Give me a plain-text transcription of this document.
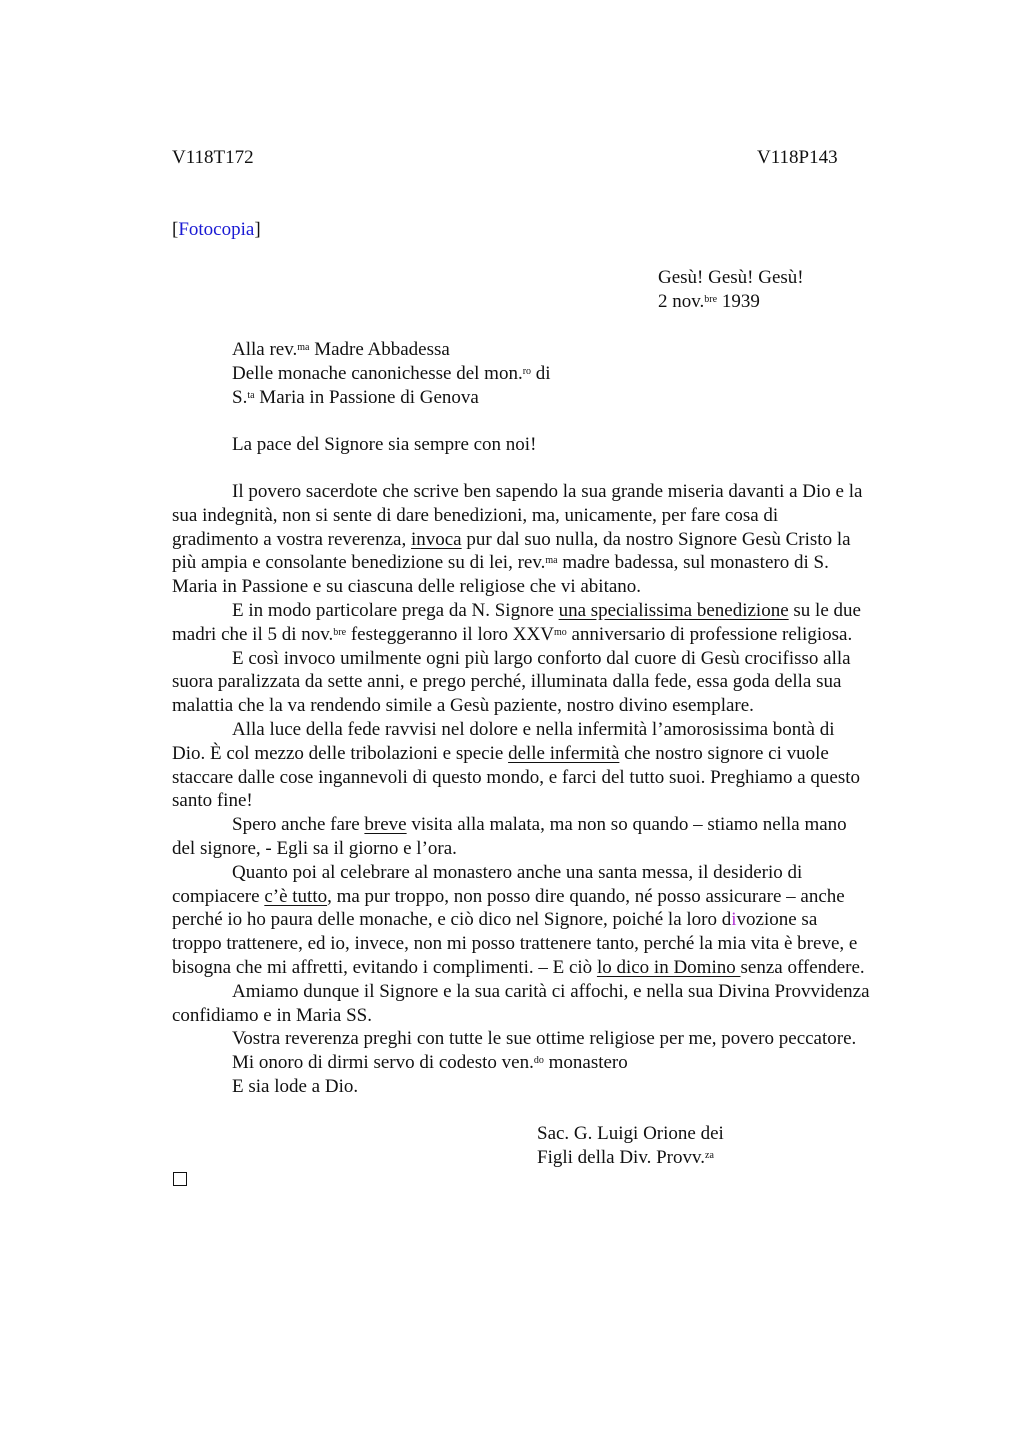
V118T172	V118P143
[Fotocopia]
Gesù! Gesù! Gesù!
2 nov.$^{bre}$ 1939
Alla rev.$^{ma}$ Madre Abbadessa
Delle monache canonichesse del mon.$^{ro}$ di
S.$^{ta}$ Maria in Passione di Genova
La pace del Signore sia sempre con noi!
Il povero sacerdote che scrive ben sapendo la sua grande miseria davanti a Dio e la
sua indegnità, non si sente di dare benedizioni, ma, unicamente, per fare cosa di
gradimento a vostra reverenza, invoca pur dal suo nulla, da nostro Signore Gesù Cristo la
più ampia e consolante benedizione su di lei, rev.$^{ma}$ madre badessa, sul monastero di S.
Maria in Passione e su ciascuna delle religiose che vi abitano.
E in modo particolare prega da N. Signore una specialissima benedizione su le due
madri che il 5 di nov.$^{bre}$ festeggeranno il loro $XXV^{mo}$ anniversario di professione religiosa.
E così invoco umilmente ogni più largo conforto dal cuore di Gesù crocifisso alla
suora paralizzata da sette anni, e prego perché, illuminata dalla fede, essa goda della sua
malattia che la va rendendo simile a Gesù paziente, nostro divino esemplare.
Alla luce della fede ravvisi nel dolore e nella infermità l’amorosissima bontà di
Dio. È col mezzo delle tribolazioni e specie delle infermità che nostro signore ci vuole
staccare dalle cose ingannevoli di questo mondo, e farci del tutto suoi. Preghiamo a questo
santo fine!
Spero anche fare breve visita alla malata, ma non so quando – stiamo nella mano
del signore, - Egli sa il giorno e l’ora.
Quanto poi al celebrare al monastero anche una santa messa, il desiderio di
compiacere c’è tutto, ma pur troppo, non posso dire quando, né posso assicurare – anche
perché io ho paura delle monache, e ciò dico nel Signore, poiché la loro divozione sa
troppo trattenere, ed io, invece, non mi posso trattenere tanto, perché la mia vita è breve, e
bisogna che mi affretti, evitando i complimenti. – E ciò lo dico in Domino senza offendere.
Amiamo dunque il Signore e la sua carità ci affochi, e nella sua Divina Provvidenza
confidiamo e in Maria SS.
Vostra reverenza preghi con tutte le sue ottime religiose per me, povero peccatore.
Mi onoro di dirmi servo di codesto ven.$^{do}$ monastero
E sia lode a Dio.
Sac. G. Luigi Orione dei
Figli della Div. Provv.$^{za}$
